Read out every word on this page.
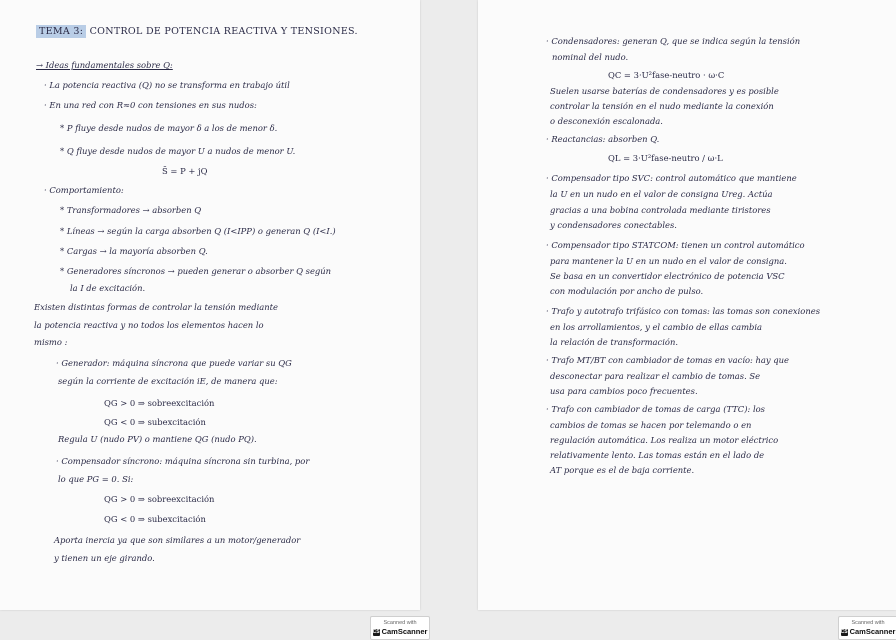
TEMA 3: CONTROL DE POTENCIA REACTIVA Y TENSIONES.
→ Ideas fundamentales sobre Q:
· La potencia reactiva (Q) no se transforma en trabajo útil
· En una red con R≈0 con tensiones en sus nudos:
* P fluye desde nudos de mayor δ a los de menor δ.
* Q fluye desde nudos de mayor U a nudos de menor U.
S̄ = P + jQ
· Comportamiento:
* Transformadores → absorben Q
* Líneas → según la carga absorben Q (I<IPP) o generan Q (I<I.)
* Cargas → la mayoría absorben Q.
* Generadores síncronos → pueden generar o absorber Q según
la I de excitación.
Existen distintas formas de controlar la tensión mediante
la potencia reactiva y no todos los elementos hacen lo
mismo :
· Generador: máquina síncrona que puede variar su QG
según la corriente de excitación iE, de manera que:
QG > 0 ⇒ sobreexcitación
QG < 0 ⇒ subexcitación
Regula U (nudo PV) o mantiene QG (nudo PQ).
· Compensador síncrono: máquina síncrona sin turbina, por
lo que PG = 0. Si:
QG > 0 ⇒ sobreexcitación
QG < 0 ⇒ subexcitación
Aporta inercia ya que son similares a un motor/generador
y tienen un eje girando.
· Condensadores: generan Q, que se indica según la tensión
nominal del nudo.
QC = 3·U²fase-neutro · ω·C
Suelen usarse baterías de condensadores y es posible
controlar la tensión en el nudo mediante la conexión
o desconexión escalonada.
· Reactancias: absorben Q.
QL = 3·U²fase-neutro / ω·L
· Compensador tipo SVC: control automático que mantiene
la U en un nudo en el valor de consigna Ureg. Actúa
gracias a una bobina controlada mediante tiristores
y condensadores conectables.
· Compensador tipo STATCOM: tienen un control automático
para mantener la U en un nudo en el valor de consigna.
Se basa en un convertidor electrónico de potencia VSC
con modulación por ancho de pulso.
· Trafo y autotrafo trifásico con tomas: las tomas son conexiones
en los arrollamientos, y el cambio de ellas cambia
la relación de transformación.
· Trafo MT/BT con cambiador de tomas en vacío: hay que
desconectar para realizar el cambio de tomas. Se
usa para cambios poco frecuentes.
· Trafo con cambiador de tomas de carga (TTC): los
cambios de tomas se hacen por telemando o en
regulación automática. Los realiza un motor eléctrico
relativamente lento. Las tomas están en el lado de
AT porque es el de baja corriente.
Scanned with
CS CamScanner
Scanned with
CS CamScanner
